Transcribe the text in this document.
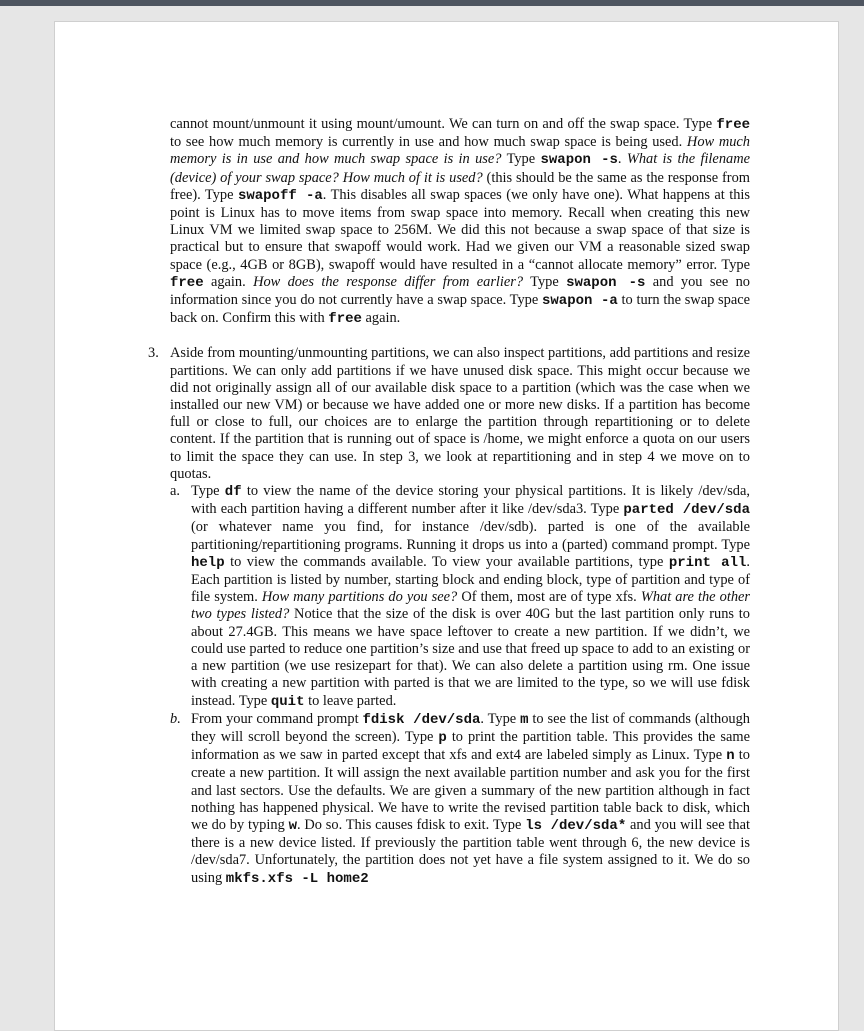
cannot mount/unmount it using mount/umount. We can turn on and off the swap space. Type free to see how much memory is currently in use and how much swap space is being used. How much memory is in use and how much swap space is in use? Type swapon -s. What is the filename (device) of your swap space? How much of it is used? (this should be the same as the response from free). Type swapoff -a. This disables all swap spaces (we only have one). What happens at this point is Linux has to move items from swap space into memory. Recall when creating this new Linux VM we limited swap space to 256M. We did this not because a swap space of that size is practical but to ensure that swapoff would work. Had we given our VM a reasonable sized swap space (e.g., 4GB or 8GB), swapoff would have resulted in a “cannot allocate memory” error. Type free again. How does the response differ from earlier? Type swapon -s and you see no information since you do not currently have a swap space. Type swapon -a to turn the swap space back on. Confirm this with free again.

3. Aside from mounting/unmounting partitions, we can also inspect partitions, add partitions and resize partitions. We can only add partitions if we have unused disk space. This might occur because we did not originally assign all of our available disk space to a partition (which was the case when we installed our new VM) or because we have added one or more new disks. If a partition has become full or close to full, our choices are to enlarge the partition through repartitioning or to delete content. If the partition that is running out of space is /home, we might enforce a quota on our users to limit the space they can use. In step 3, we look at repartitioning and in step 4 we move on to quotas.

a. Type df to view the name of the device storing your physical partitions. It is likely /dev/sda, with each partition having a different number after it like /dev/sda3. Type parted /dev/sda (or whatever name you find, for instance /dev/sdb). parted is one of the available partitioning/repartitioning programs. Running it drops us into a (parted) command prompt. Type help to view the commands available. To view your available partitions, type print all. Each partition is listed by number, starting block and ending block, type of partition and type of file system. How many partitions do you see? Of them, most are of type xfs. What are the other two types listed? Notice that the size of the disk is over 40G but the last partition only runs to about 27.4GB. This means we have space leftover to create a new partition. If we didn’t, we could use parted to reduce one partition’s size and use that freed up space to add to an existing or a new partition (we use resizepart for that). We can also delete a partition using rm. One issue with creating a new partition with parted is that we are limited to the type, so we will use fdisk instead. Type quit to leave parted.

b. From your command prompt fdisk /dev/sda. Type m to see the list of commands (although they will scroll beyond the screen). Type p to print the partition table. This provides the same information as we saw in parted except that xfs and ext4 are labeled simply as Linux. Type n to create a new partition. It will assign the next available partition number and ask you for the first and last sectors. Use the defaults. We are given a summary of the new partition although in fact nothing has happened physical. We have to write the revised partition table back to disk, which we do by typing w. Do so. This causes fdisk to exit. Type ls /dev/sda* and you will see that there is a new device listed. If previously the partition table went through 6, the new device is /dev/sda7. Unfortunately, the partition does not yet have a file system assigned to it. We do so using mkfs.xfs -L home2
